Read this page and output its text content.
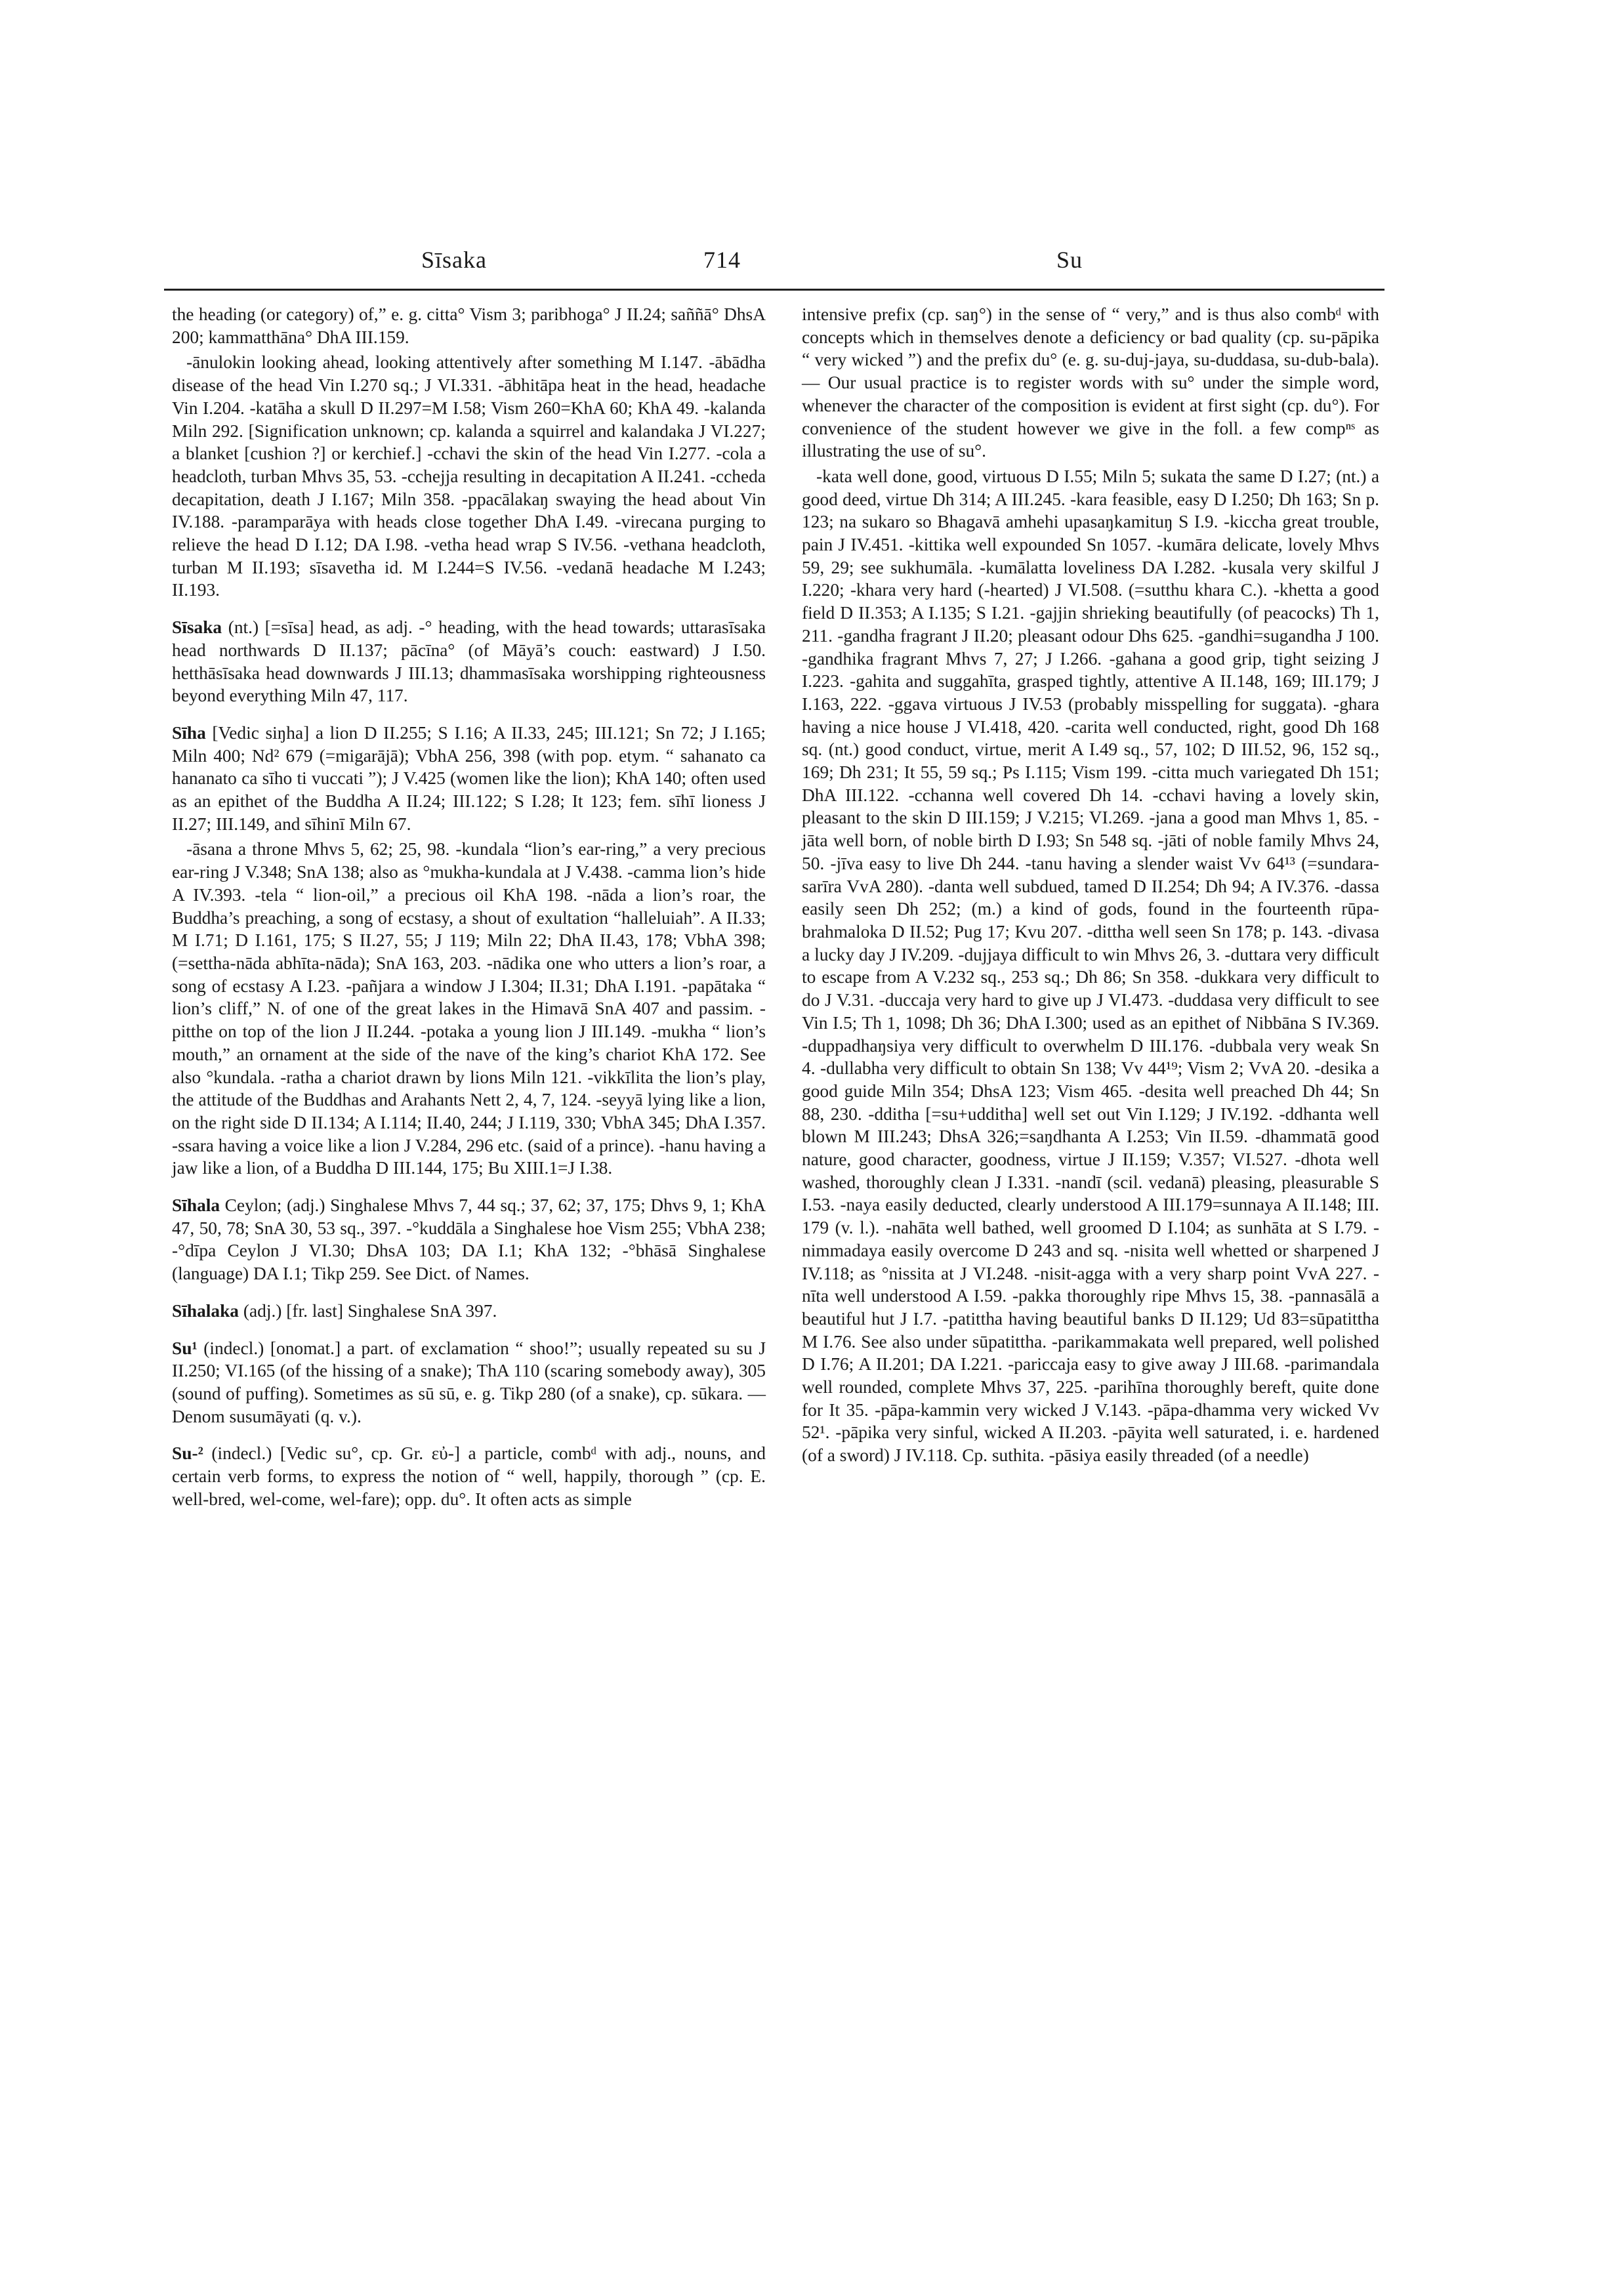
Sīsaka	714	Su

the heading (or category) of,” e. g. citta° Vism 3; paribhoga° J II.24; saññā° DhsA 200; kammatthāna° DhA III.159.

-ānulokin looking ahead, looking attentively after something M I.147. -ābādha disease of the head Vin I.270 sq.; J VI.331. -ābhitāpa heat in the head, headache Vin I.204. -katāha a skull D II.297=M I.58; Vism 260=KhA 60; KhA 49. -kalanda Miln 292. [Signification unknown; cp. kalanda a squirrel and kalandaka J VI.227; a blanket [cushion ?] or kerchief.] -cchavi the skin of the head Vin I.277. -cola a headcloth, turban Mhvs 35, 53. -cchejja resulting in decapitation A II.241. -ccheda decapitation, death J I.167; Miln 358. -ppacālakaŋ swaying the head about Vin IV.188. -paramparāya with heads close together DhA I.49. -virecana purging to relieve the head D I.12; DA I.98. -vetha head wrap S IV.56. -vethana headcloth, turban M II.193; sīsavetha id. M I.244=S IV.56. -vedanā headache M I.243; II.193.

Sīsaka (nt.) [=sīsa] head, as adj. -° heading, with the head towards; uttarasīsaka head northwards D II.137; pācīna° (of Māyā’s couch: eastward) J I.50. hetthāsīsaka head downwards J III.13; dhammasīsaka worshipping righteousness beyond everything Miln 47, 117.

Sīha [Vedic siŋha] a lion D II.255; S I.16; A II.33, 245; III.121; Sn 72; J I.165; Miln 400; Nd² 679 (=migarājā); VbhA 256, 398 (with pop. etym. “ sahanato ca hananato ca sīho ti vuccati ”); J V.425 (women like the lion); KhA 140; often used as an epithet of the Buddha A II.24; III.122; S I.28; It 123; fem. sīhī lioness J II.27; III.149, and sīhinī Miln 67.

-āsana a throne Mhvs 5, 62; 25, 98. -kundala “lion’s ear-ring,” a very precious ear-ring J V.348; SnA 138; also as °mukha-kundala at J V.438. -camma lion’s hide A IV.393. -tela “ lion-oil,” a precious oil KhA 198. -nāda a lion’s roar, the Buddha’s preaching, a song of ecstasy, a shout of exultation “halleluiah”. A II.33; M I.71; D I.161, 175; S II.27, 55; J 119; Miln 22; DhA II.43, 178; VbhA 398; (=settha-nāda abhīta-nāda); SnA 163, 203. -nādika one who utters a lion’s roar, a song of ecstasy A I.23. -pañjara a window J I.304; II.31; DhA I.191. -papātaka “ lion’s cliff,” N. of one of the great lakes in the Himavā SnA 407 and passim. -pitthe on top of the lion J II.244. -potaka a young lion J III.149. -mukha “ lion’s mouth,” an ornament at the side of the nave of the king’s chariot KhA 172. See also °kundala. -ratha a chariot drawn by lions Miln 121. -vikkīlita the lion’s play, the attitude of the Buddhas and Arahants Nett 2, 4, 7, 124. -seyyā lying like a lion, on the right side D II.134; A I.114; II.40, 244; J I.119, 330; VbhA 345; DhA I.357. -ssara having a voice like a lion J V.284, 296 etc. (said of a prince). -hanu having a jaw like a lion, of a Buddha D III.144, 175; Bu XIII.1=J I.38.

Sīhala Ceylon; (adj.) Singhalese Mhvs 7, 44 sq.; 37, 62; 37, 175; Dhvs 9, 1; KhA 47, 50, 78; SnA 30, 53 sq., 397. -°kuddāla a Singhalese hoe Vism 255; VbhA 238; -°dīpa Ceylon J VI.30; DhsA 103; DA I.1; KhA 132; -°bhāsā Singhalese (language) DA I.1; Tikp 259. See Dict. of Names.

Sīhalaka (adj.) [fr. last] Singhalese SnA 397.

Su¹ (indecl.) [onomat.] a part. of exclamation “ shoo!”; usually repeated su su J II.250; VI.165 (of the hissing of a snake); ThA 110 (scaring somebody away), 305 (sound of puffing). Sometimes as sū sū, e. g. Tikp 280 (of a snake), cp. sūkara. — Denom susumāyati (q. v.).

Su-² (indecl.) [Vedic su°, cp. Gr. εὐ-] a particle, combᵈ with adj., nouns, and certain verb forms, to express the notion of “ well, happily, thorough ” (cp. E. well-bred, wel-come, wel-fare); opp. du°. It often acts as simple

intensive prefix (cp. saŋ°) in the sense of “ very,” and is thus also combᵈ with concepts which in themselves denote a deficiency or bad quality (cp. su-pāpika “ very wicked ”) and the prefix du° (e. g. su-duj-jaya, su-duddasa, su-dub-bala). — Our usual practice is to register words with su° under the simple word, whenever the character of the composition is evident at first sight (cp. du°). For convenience of the student however we give in the foll. a few compⁿˢ as illustrating the use of su°.

-kata well done, good, virtuous D I.55; Miln 5; sukata the same D I.27; (nt.) a good deed, virtue Dh 314; A III.245. -kara feasible, easy D I.250; Dh 163; Sn p. 123; na sukaro so Bhagavā amhehi upasaŋkamituŋ S I.9. -kiccha great trouble, pain J IV.451. -kittika well expounded Sn 1057. -kumāra delicate, lovely Mhvs 59, 29; see sukhumāla. -kumālatta loveliness DA I.282. -kusala very skilful J I.220; -khara very hard (-hearted) J VI.508. (=sutthu khara C.). -khetta a good field D II.353; A I.135; S I.21. -gajjin shrieking beautifully (of peacocks) Th 1, 211. -gandha fragrant J II.20; pleasant odour Dhs 625. -gandhi=sugandha J 100. -gandhika fragrant Mhvs 7, 27; J I.266. -gahana a good grip, tight seizing J I.223. -gahita and suggahīta, grasped tightly, attentive A II.148, 169; III.179; J I.163, 222. -ggava virtuous J IV.53 (probably misspelling for suggata). -ghara having a nice house J VI.418, 420. -carita well conducted, right, good Dh 168 sq. (nt.) good conduct, virtue, merit A I.49 sq., 57, 102; D III.52, 96, 152 sq., 169; Dh 231; It 55, 59 sq.; Ps I.115; Vism 199. -citta much variegated Dh 151; DhA III.122. -cchanna well covered Dh 14. -cchavi having a lovely skin, pleasant to the skin D III.159; J V.215; VI.269. -jana a good man Mhvs 1, 85. -jāta well born, of noble birth D I.93; Sn 548 sq. -jāti of noble family Mhvs 24, 50. -jīva easy to live Dh 244. -tanu having a slender waist Vv 64¹³ (=sundara-sarīra VvA 280). -danta well subdued, tamed D II.254; Dh 94; A IV.376. -dassa easily seen Dh 252; (m.) a kind of gods, found in the fourteenth rūpa-brahmaloka D II.52; Pug 17; Kvu 207. -dittha well seen Sn 178; p. 143. -divasa a lucky day J IV.209. -dujjaya difficult to win Mhvs 26, 3. -duttara very difficult to escape from A V.232 sq., 253 sq.; Dh 86; Sn 358. -dukkara very difficult to do J V.31. -duccaja very hard to give up J VI.473. -duddasa very difficult to see Vin I.5; Th 1, 1098; Dh 36; DhA I.300; used as an epithet of Nibbāna S IV.369. -duppadhaŋsiya very difficult to overwhelm D III.176. -dubbala very weak Sn 4. -dullabha very difficult to obtain Sn 138; Vv 44¹⁹; Vism 2; VvA 20. -desika a good guide Miln 354; DhsA 123; Vism 465. -desita well preached Dh 44; Sn 88, 230. -dditha [=su+udditha] well set out Vin I.129; J IV.192. -ddhanta well blown M III.243; DhsA 326;=saŋdhanta A I.253; Vin II.59. -dhammatā good nature, good character, goodness, virtue J II.159; V.357; VI.527. -dhota well washed, thoroughly clean J I.331. -nandī (scil. vedanā) pleasing, pleasurable S I.53. -naya easily deducted, clearly understood A III.179=sunnaya A II.148; III. 179 (v. l.). -nahāta well bathed, well groomed D I.104; as sunhāta at S I.79. -nimmadaya easily overcome D 243 and sq. -nisita well whetted or sharpened J IV.118; as °nissita at J VI.248. -nisit-agga with a very sharp point VvA 227. -nīta well understood A I.59. -pakka thoroughly ripe Mhvs 15, 38. -pannasālā a beautiful hut J I.7. -patittha having beautiful banks D II.129; Ud 83=sūpatittha M I.76. See also under sūpatittha. -parikammakata well prepared, well polished D I.76; A II.201; DA I.221. -pariccaja easy to give away J III.68. -parimandala well rounded, complete Mhvs 37, 225. -parihīna thoroughly bereft, quite done for It 35. -pāpa-kammin very wicked J V.143. -pāpa-dhamma very wicked Vv 52¹. -pāpika very sinful, wicked A II.203. -pāyita well saturated, i. e. hardened (of a sword) J IV.118. Cp. suthita. -pāsiya easily threaded (of a needle)
